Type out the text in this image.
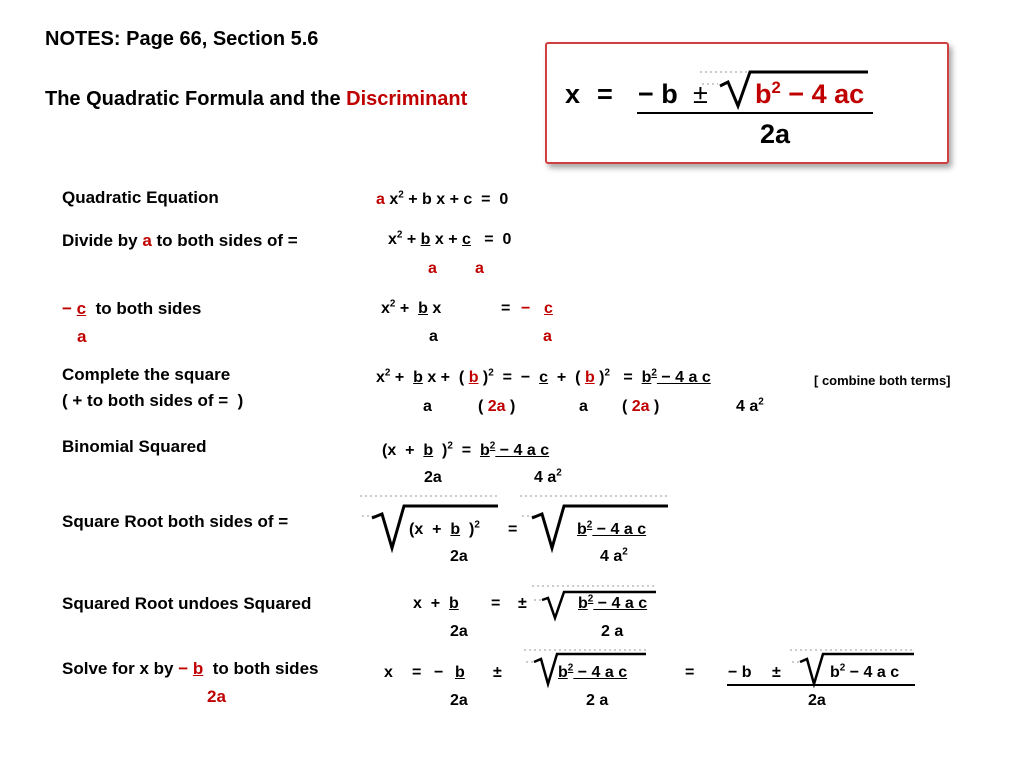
NOTES: Page 66, Section 5.6
The Quadratic Formula and the Discriminant	x = − $b \pm b^2 - 4$ ac
2a
Quadratic Equation	a $x^2 + b$ x + c  =  0
Divide by a to both sides of =	$x^2 + b$ x + c   =  0
a a
− c  to both sides
a
$x^2 + b$ x	= − c
a	a
Complete the square
( + to both sides of =  )
$x^2 + b$ x +  ( b )$^2$  =  −  c  +  ( b )$^2 = b^2 - 4$ a c	[ combine both terms]
a	( 2a )	a ( 2a )	4 $a^2$
Binomial Squared	(x  +  b  )$^2 = b^2 - 4$ a c
2a	4 $a^2$
Square Root both sides of =	(x  +  b  )$^2$ =	$b^2 - 4$ a c
2a	4 $a^2$
Squared Root undoes Squared	x  +  b = ±	$b^2 - 4$ a c
2a	2 a
Solve for x by − b  to both sides
2a
x = − b ±	$b^2 - 4$ a c	= − b ±	$b^2 - 4$ a c
2a	2 a	2a
